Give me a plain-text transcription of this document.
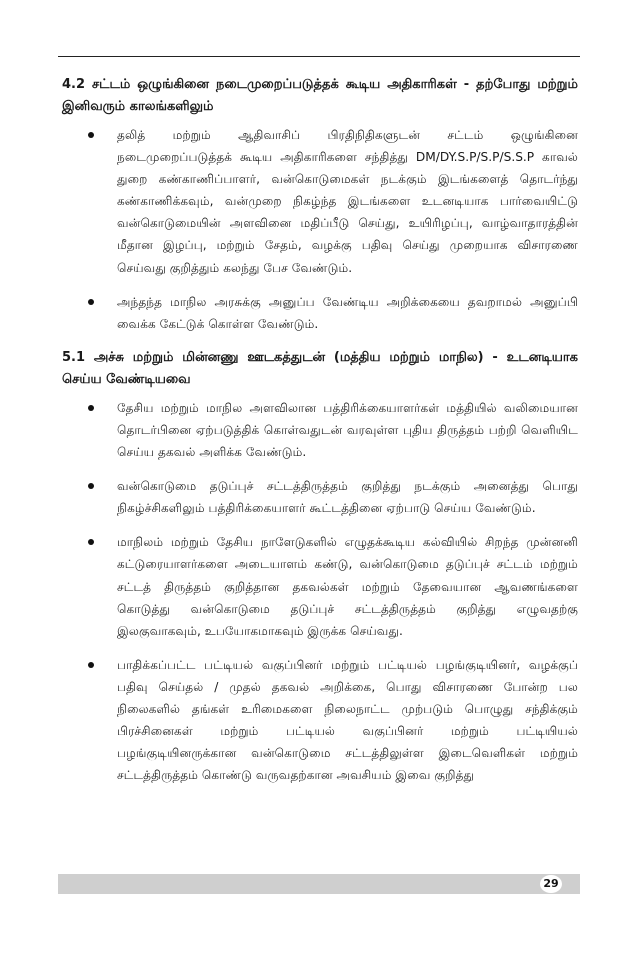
4.2 சட்டம் ஒழுங்கினை நடைமுறைப்படுத்தக் கூடிய அதிகாரிகள் - தற்போது மற்றும் இனிவரும் காலங்களிலும்
தலித் மற்றும் ஆதிவாசிப் பிரதிநிதிகளுடன் சட்டம் ஒழுங்கினை நடைமுறைப்படுத்தக் கூடிய அதிகாரிகளை சந்தித்து DM/DY.S.P/S.P/S.S.P காவல் துறை கண்காணிப்பாளர், வன்கொடுமைகள் நடக்கும் இடங்களைத் தொடர்ந்து கண்காணிக்கவும், வன்முறை நிகழ்ந்த இடங்களை உடனடியாக பார்வையிட்டு வன்கொடுமையின் அளவினை மதிப்பீடு செய்து, உயிரிழப்பு, வாழ்வாதாரத்தின் மீதான இழப்பு, மற்றும் சேதம், வழக்கு பதிவு செய்து முறையாக விசாரணை செய்வது குறித்தும் கலந்து பேச வேண்டும்.
அந்தந்த மாநில அரசுக்கு அனுப்ப வேண்டிய அறிக்கையை தவறாமல் அனுப்பி வைக்க கேட்டுக் கொள்ள வேண்டும்.
5.1 அச்சு மற்றும் மின்னணு ஊடகத்துடன் (மத்திய மற்றும் மாநில) - உடனடியாக செய்ய வேண்டியவை
தேசிய மற்றும் மாநில அளவிலான பத்திரிக்கையாளர்கள் மத்தியில் வலிமையான தொடர்பினை ஏற்படுத்திக் கொள்வதுடன் வரவுள்ள புதிய திருத்தம் பற்றி வெளியிட செய்ய தகவல் அளிக்க வேண்டும்.
வன்கொடுமை தடுப்புச் சட்டத்திருத்தம் குறித்து நடக்கும் அனைத்து பொது நிகழ்ச்சிகளிலும் பத்திரிக்கையாளர் கூட்டத்தினை ஏற்பாடு செய்ய வேண்டும்.
மாநிலம் மற்றும் தேசிய நாளேடுகளில் எழுதக்கூடிய கல்வியில் சிறந்த முன்னனி கட்டுரையாளர்களை அடையாளம் கண்டு, வன்கொடுமை தடுப்புச் சட்டம் மற்றும் சட்டத் திருத்தம் குறித்தான தகவல்கள் மற்றும் தேவையான ஆவணங்களை கொடுத்து வன்கொடுமை தடுப்புச் சட்டத்திருத்தம் குறித்து எழுவதற்கு இலகுவாகவும், உபயோகமாகவும் இருக்க செய்வது.
பாதிக்கப்பட்ட பட்டியல் வகுப்பினர் மற்றும் பட்டியல் பழங்குடியினர், வழக்குப் பதிவு செய்தல் / முதல் தகவல் அறிக்கை, பொது விசாரணை போன்ற பல நிலைகளில் தங்கள் உரிமைகளை நிலைநாட்ட முற்படும் பொழுது சந்திக்கும் பிரச்சினைகள் மற்றும் பட்டியல் வகுப்பினர் மற்றும் பட்டியியல் பழங்குடியினருக்கான வன்கொடுமை சட்டத்திலுள்ள இடைவெளிகள் மற்றும் சட்டத்திருத்தம் கொண்டு வருவதற்கான அவசியம் இவை குறித்து
29
